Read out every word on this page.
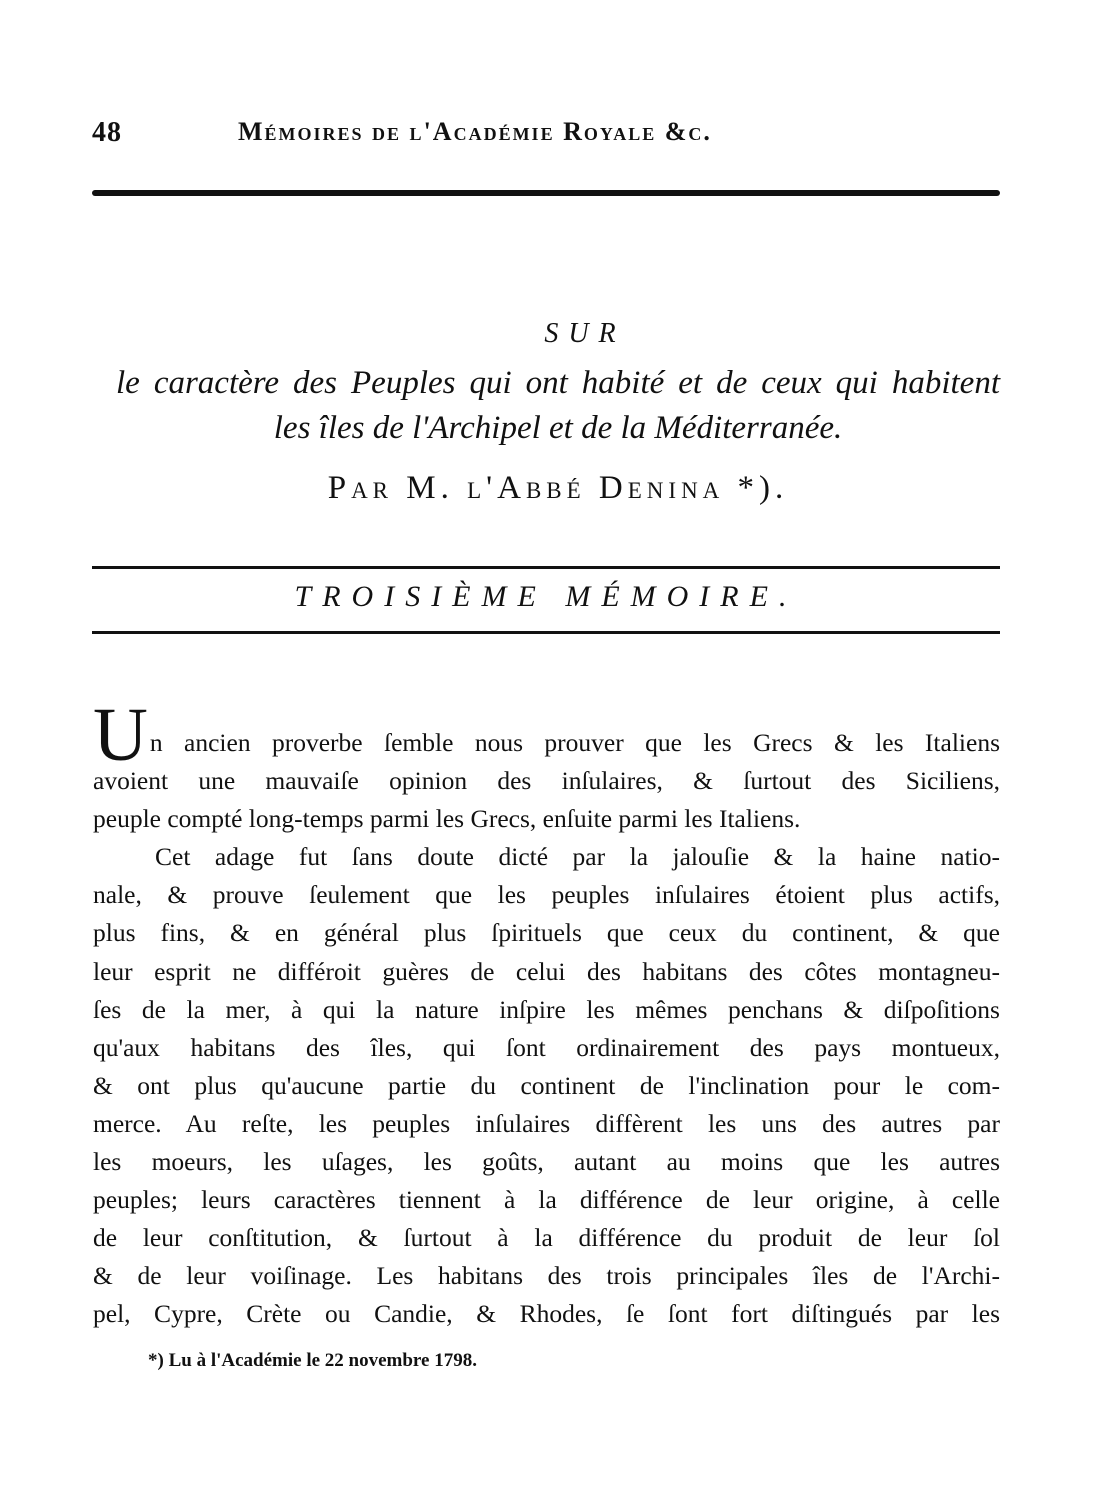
48	Mémoires de l'Académie Royale &c.
SUR
le caractère des Peuples qui ont habité et de ceux qui habitent
les îles de l'Archipel et de la Méditerranée.
Par M. l'Abbé Denina *).
TROISIÈME MÉMOIRE.
Un ancien proverbe ſemble nous prouver que les Grecs & les Italiens
avoient une mauvaiſe opinion des inſulaires, & ſurtout des Siciliens,
peuple compté long-temps parmi les Grecs, enſuite parmi les Italiens.
Cet adage fut ſans doute dicté par la jalouſie & la haine natio-
nale, & prouve ſeulement que les peuples inſulaires étoient plus actifs,
plus fins, & en général plus ſpirituels que ceux du continent, & que
leur esprit ne différoit guères de celui des habitans des côtes montagneu-
ſes de la mer, à qui la nature inſpire les mêmes penchans & diſpoſitions
qu'aux habitans des îles, qui ſont ordinairement des pays montueux,
& ont plus qu'aucune partie du continent de l'inclination pour le com-
merce. Au reſte, les peuples inſulaires diffèrent les uns des autres par
les moeurs, les uſages, les goûts, autant au moins que les autres
peuples; leurs caractères tiennent à la différence de leur origine, à celle
de leur conſtitution, & ſurtout à la différence du produit de leur ſol
& de leur voiſinage. Les habitans des trois principales îles de l'Archi-
pel, Cypre, Crète ou Candie, & Rhodes, ſe ſont fort diſtingués par les
*) Lu à l'Académie le 22 novembre 1798.
